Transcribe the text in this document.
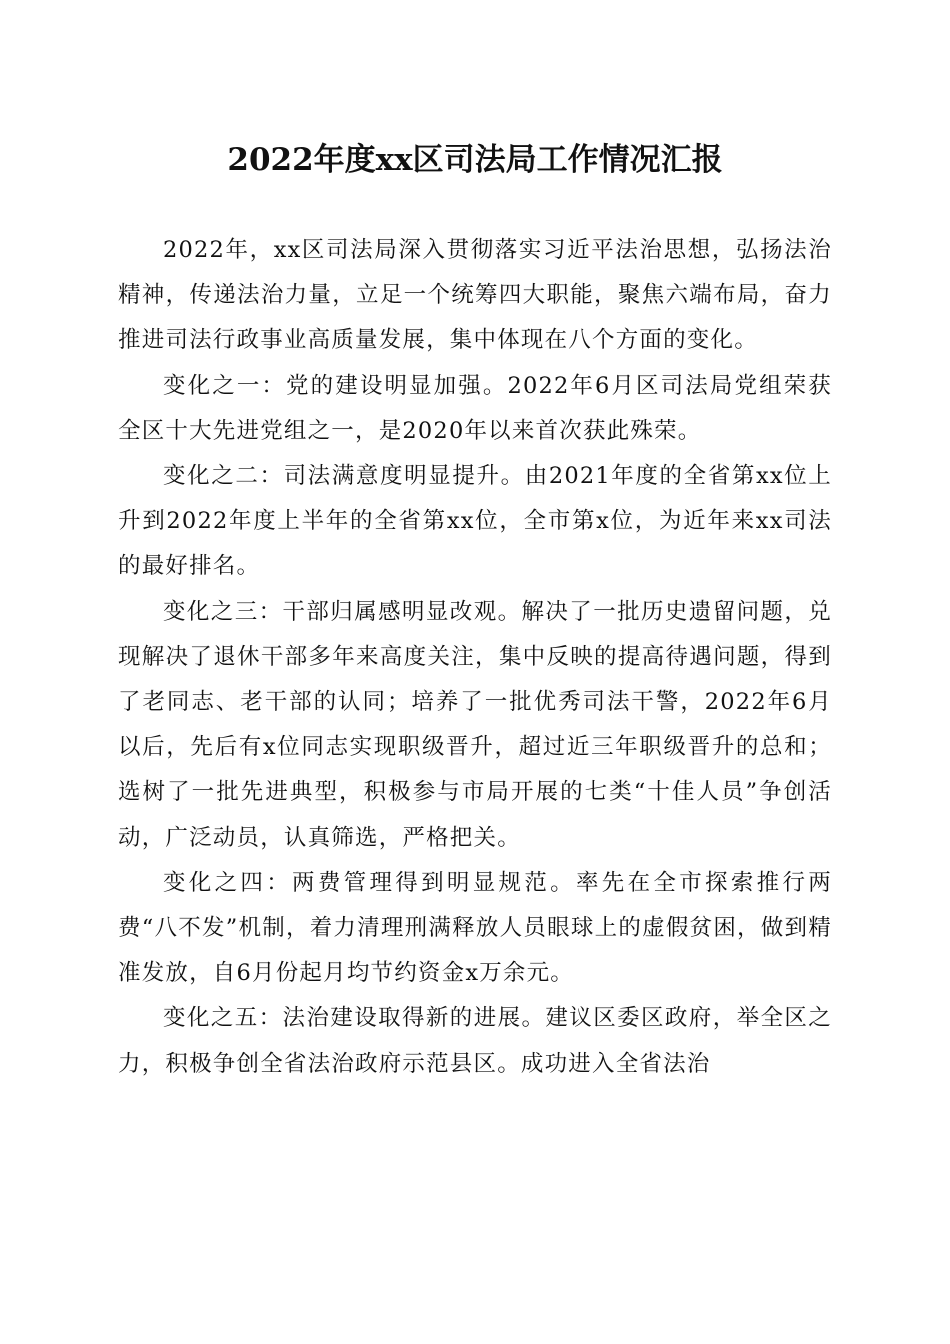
2022年度xx区司法局工作情况汇报

2022年，xx区司法局深入贯彻落实习近平法治思想，弘扬法治精神，传递法治力量，立足一个统筹四大职能，聚焦六端布局，奋力推进司法行政事业高质量发展，集中体现在八个方面的变化。

变化之一：党的建设明显加强。2022年6月区司法局党组荣获全区十大先进党组之一，是2020年以来首次获此殊荣。

变化之二：司法满意度明显提升。由2021年度的全省第xx位上升到2022年度上半年的全省第xx位，全市第x位，为近年来xx司法的最好排名。

变化之三：干部归属感明显改观。解决了一批历史遗留问题，兑现解决了退休干部多年来高度关注，集中反映的提高待遇问题，得到了老同志、老干部的认同；培养了一批优秀司法干警，2022年6月以后，先后有x位同志实现职级晋升，超过近三年职级晋升的总和；选树了一批先进典型，积极参与市局开展的七类“十佳人员”争创活动，广泛动员，认真筛选，严格把关。

变化之四：两费管理得到明显规范。率先在全市探索推行两费“八不发”机制，着力清理刑满释放人员眼球上的虚假贫困，做到精准发放，自6月份起月均节约资金x万余元。

变化之五：法治建设取得新的进展。建议区委区政府，举全区之力，积极争创全省法治政府示范县区。成功进入全省法治
